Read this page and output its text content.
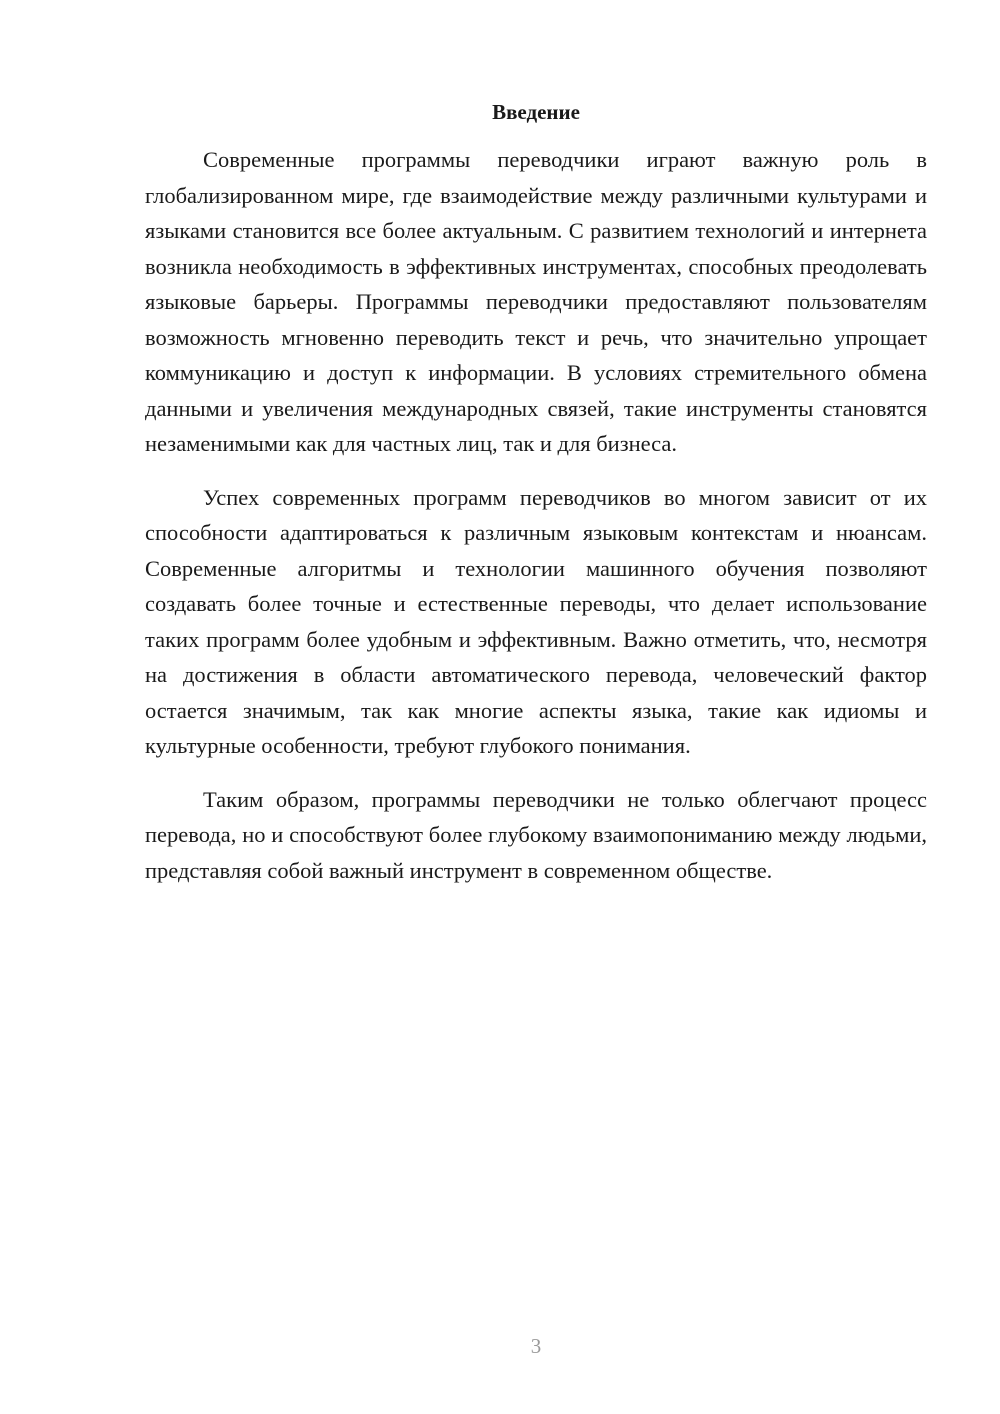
Введение

Современные программы переводчики играют важную роль в глобализированном мире, где взаимодействие между различными культурами и языками становится все более актуальным. С развитием технологий и интернета возникла необходимость в эффективных инструментах, способных преодолевать языковые барьеры. Программы переводчики предоставляют пользователям возможность мгновенно переводить текст и речь, что значительно упрощает коммуникацию и доступ к информации. В условиях стремительного обмена данными и увеличения международных связей, такие инструменты становятся незаменимыми как для частных лиц, так и для бизнеса.

Успех современных программ переводчиков во многом зависит от их способности адаптироваться к различным языковым контекстам и нюансам. Современные алгоритмы и технологии машинного обучения позволяют создавать более точные и естественные переводы, что делает использование таких программ более удобным и эффективным. Важно отметить, что, несмотря на достижения в области автоматического перевода, человеческий фактор остается значимым, так как многие аспекты языка, такие как идиомы и культурные особенности, требуют глубокого понимания.

Таким образом, программы переводчики не только облегчают процесс перевода, но и способствуют более глубокому взаимопониманию между людьми, представляя собой важный инструмент в современном обществе.

3
